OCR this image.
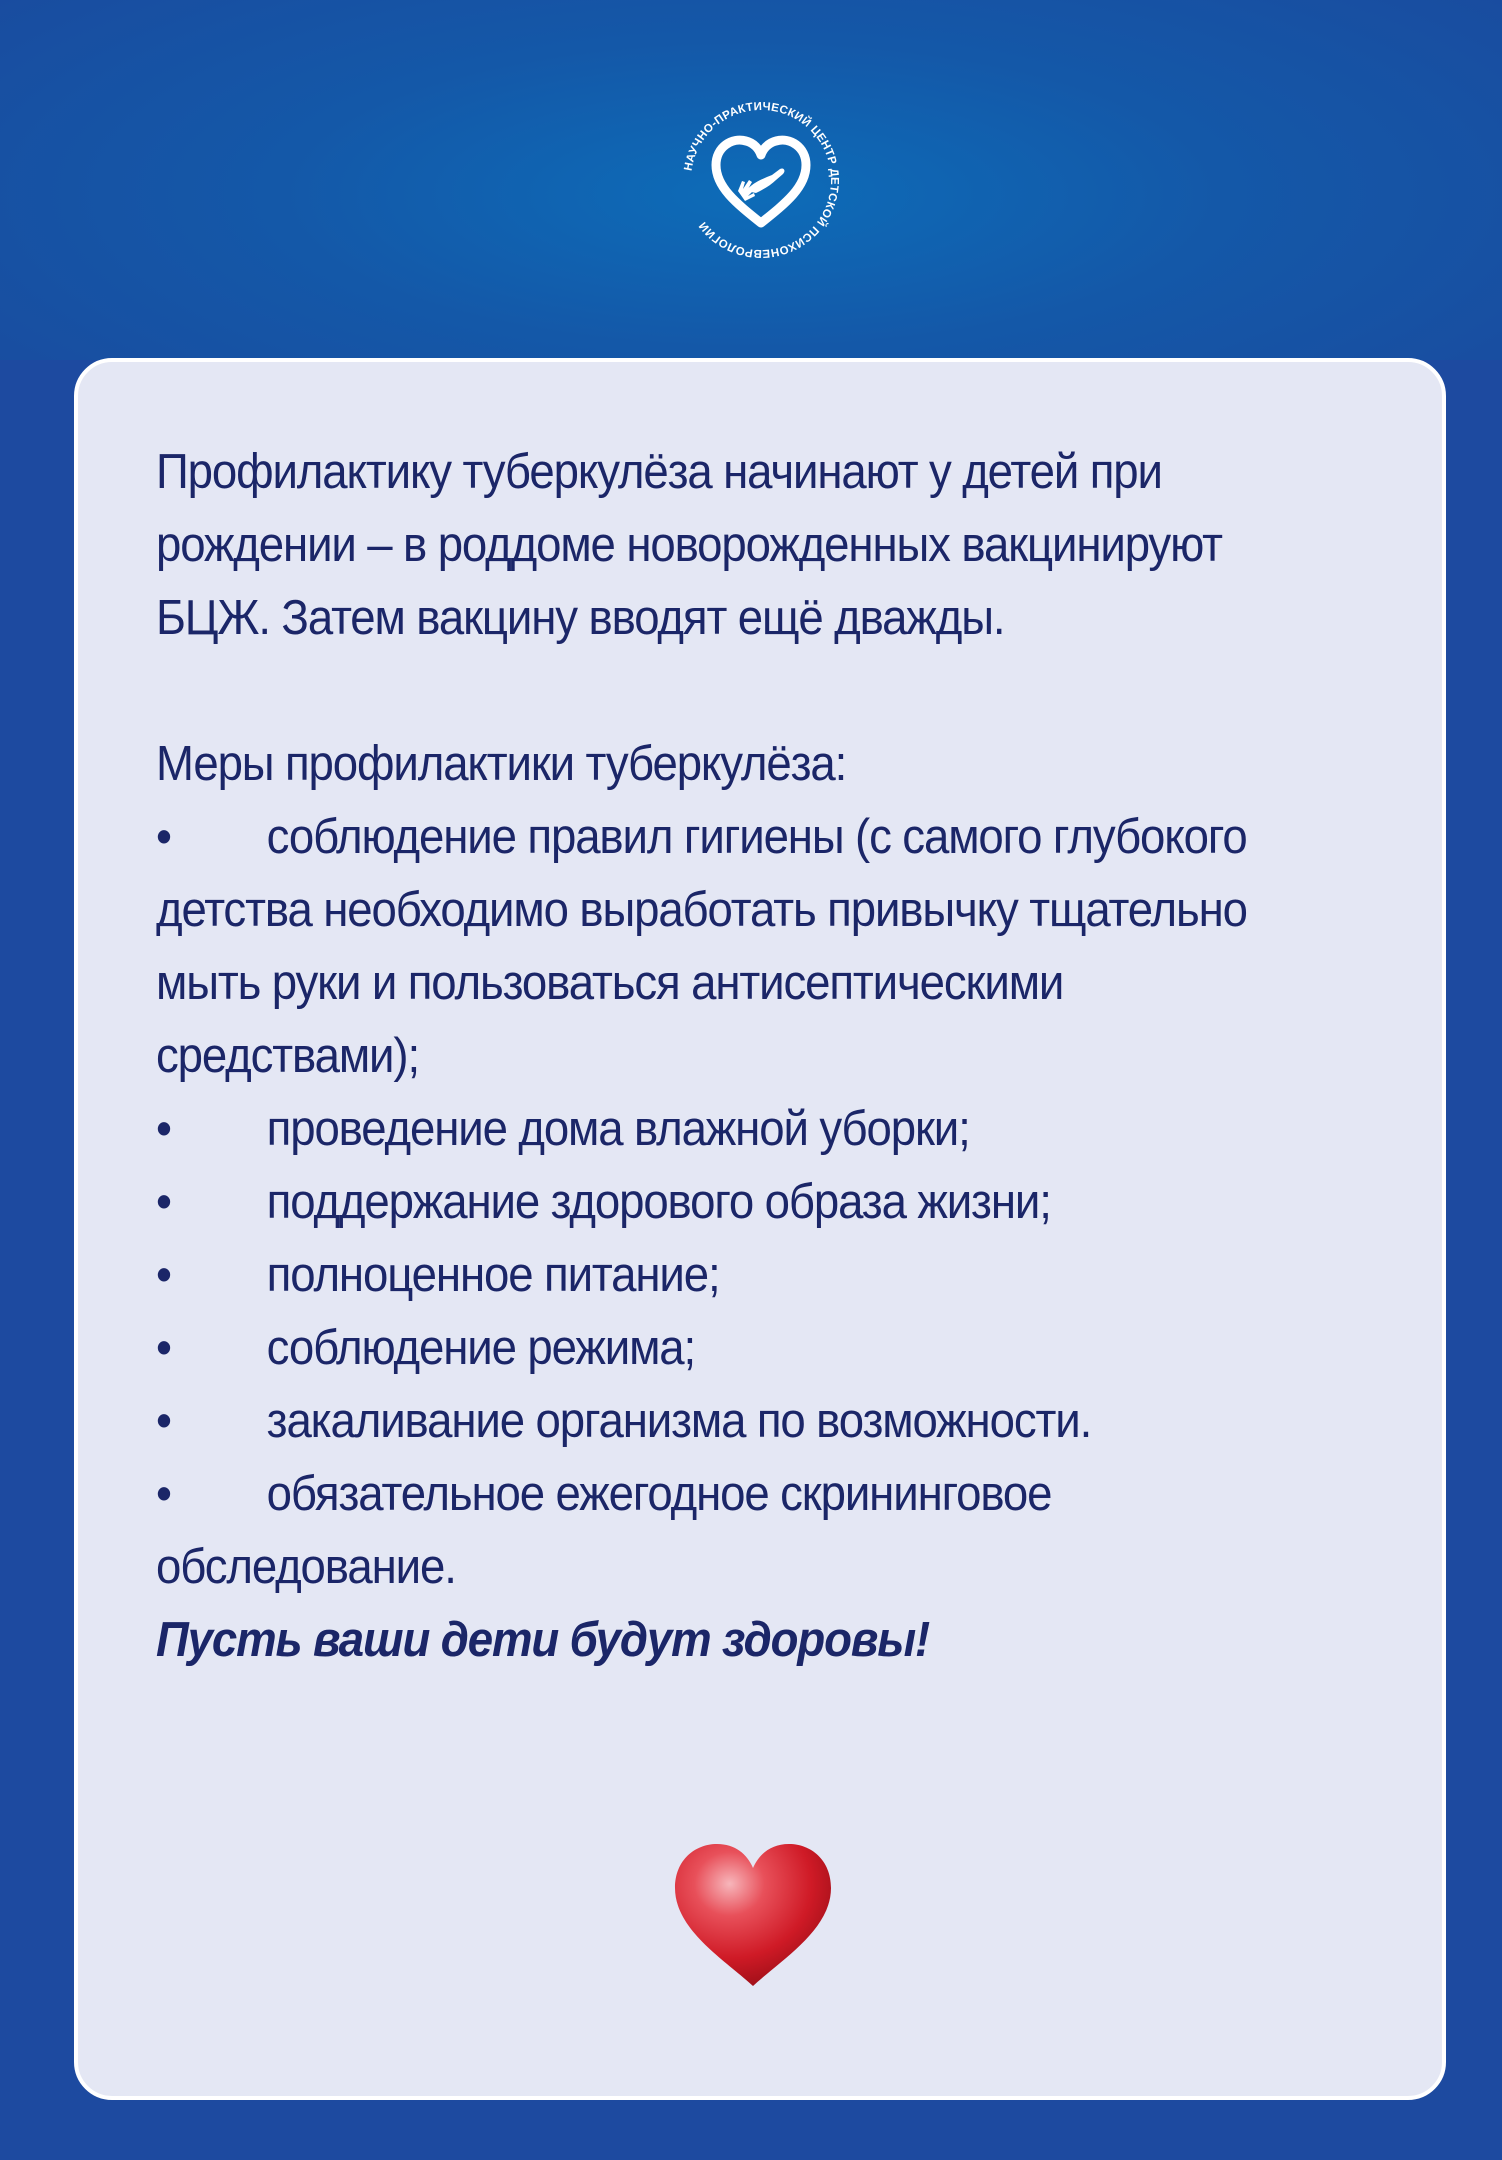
НАУЧНО-ПРАКТИЧЕСКИЙ ЦЕНТР ДЕТСКОЙ ПСИХОНЕВРОЛОГИИ

Профилактику туберкулёза начинают у детей при рождении – в роддоме новорожденных вакцинируют БЦЖ. Затем вакцину вводят ещё дважды.

Меры профилактики туберкулёза:

•	соблюдение правил гигиены (с самого глубокого

детства необходимо выработать привычку тщательно мыть руки и пользоваться антисептическими средствами);

•	проведение дома влажной уборки;
•	поддержание здорового образа жизни;
•	полноценное питание;
•	соблюдение режима;
•	закаливание организма по возможности.
•	обязательное ежегодное скрининговое

обследование.

Пусть ваши дети будут здоровы!
